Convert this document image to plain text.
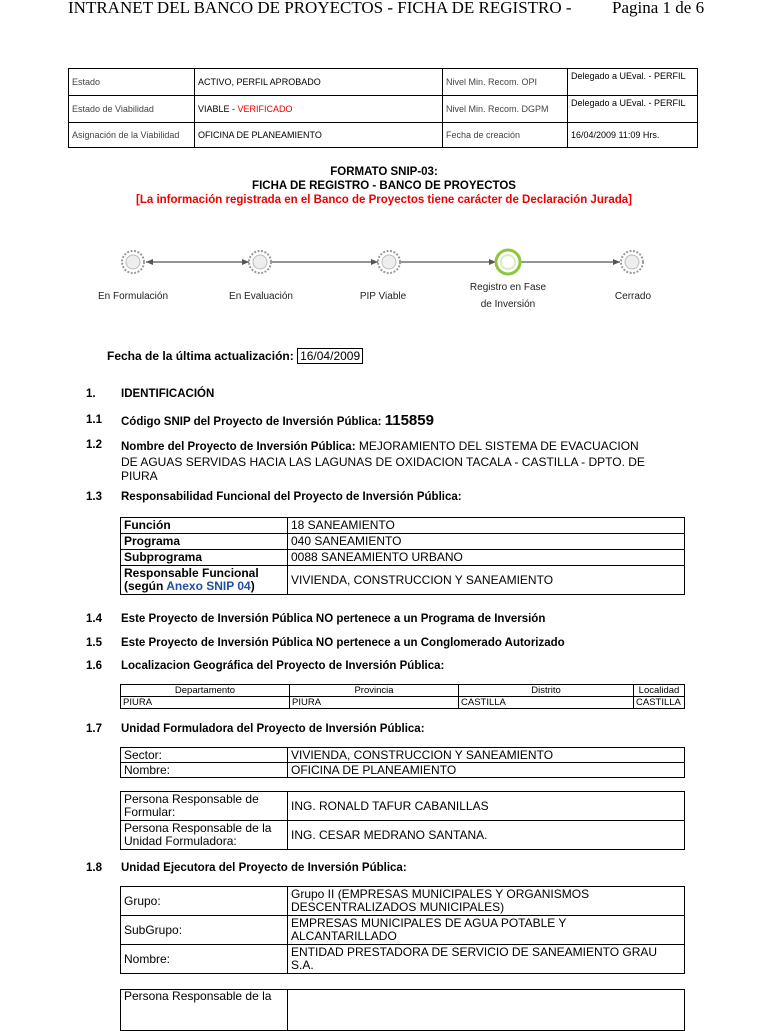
INTRANET DEL BANCO DE PROYECTOS - FICHA DE REGISTRO - Pagina 1 de 6
Estado	ACTIVO, PERFIL APROBADO	Nivel Min. Recom. OPI	Delegado a UEval. - PERFIL
Estado de Viabilidad	VIABLE - VERIFICADO	Nivel Min. Recom. DGPM	Delegado a UEval. - PERFIL
Asignación de la Viabilidad	OFICINA DE PLANEAMIENTO	Fecha de creación	16/04/2009 11:09 Hrs.
FORMATO SNIP-03:
FICHA DE REGISTRO - BANCO DE PROYECTOS
[La información registrada en el Banco de Proyectos tiene carácter de Declaración Jurada]
En Formulación	En Evaluación	PIP Viable
Registro en Fase
de Inversión
Cerrado
Fecha de la última actualización: 16/04/2009
1. IDENTIFICACIÓN
1.1 Código SNIP del Proyecto de Inversión Pública: 115859
1.2 Nombre del Proyecto de Inversión Pública: MEJORAMIENTO DEL SISTEMA DE EVACUACION
DE AGUAS SERVIDAS HACIA LAS LAGUNAS DE OXIDACION TACALA - CASTILLA - DPTO. DE
PIURA
1.3 Responsabilidad Funcional del Proyecto de Inversión Pública:
Función	18 SANEAMIENTO
Programa	040 SANEAMIENTO
Subprograma	0088 SANEAMIENTO URBANO
Responsable Funcional
(según Anexo SNIP 04)	VIVIENDA, CONSTRUCCION Y SANEAMIENTO
1.4 Este Proyecto de Inversión Pública NO pertenece a un Programa de Inversión
1.5 Este Proyecto de Inversión Pública NO pertenece a un Conglomerado Autorizado
1.6 Localizacion Geográfica del Proyecto de Inversión Pública:
Departamento	Provincia	Distrito	Localidad
PIURA	PIURA	CASTILLA	CASTILLA
1.7 Unidad Formuladora del Proyecto de Inversión Pública:
Sector:	VIVIENDA, CONSTRUCCION Y SANEAMIENTO
Nombre:	OFICINA DE PLANEAMIENTO
Persona Responsable de
Formular:	ING. RONALD TAFUR CABANILLAS
Persona Responsable de la
Unidad Formuladora:	ING. CESAR MEDRANO SANTANA.
1.8 Unidad Ejecutora del Proyecto de Inversión Pública:
Grupo:	Grupo II (EMPRESAS MUNICIPALES Y ORGANISMOS
DESCENTRALIZADOS MUNICIPALES)
SubGrupo:	EMPRESAS MUNICIPALES DE AGUA POTABLE Y
ALCANTARILLADO
Nombre:	ENTIDAD PRESTADORA DE SERVICIO DE SANEAMIENTO GRAU
S.A.
Persona Responsable de la	
